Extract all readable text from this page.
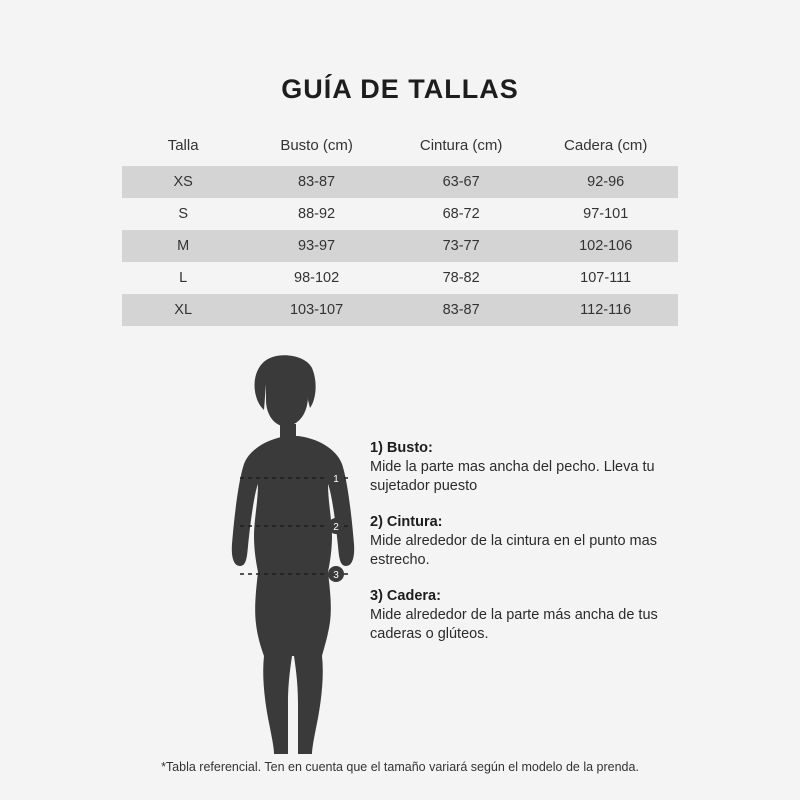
GUÍA DE TALLAS
Talla	Busto (cm)	Cintura (cm)	Cadera (cm)
XS	83-87	63-67	92-96
S	88-92	68-72	97-101
M	93-97	73-77	102-106
L	98-102	78-82	107-111
XL	103-107	83-87	112-116
1
2
3
1) Busto:
Mide la parte mas ancha del pecho. Lleva tu sujetador puesto
2) Cintura:
Mide alrededor de la cintura en el punto mas estrecho.
3) Cadera:
Mide alrededor de la parte más ancha de tus caderas o glúteos.
*Tabla referencial. Ten en cuenta que el tamaño variará según el modelo de la prenda.
